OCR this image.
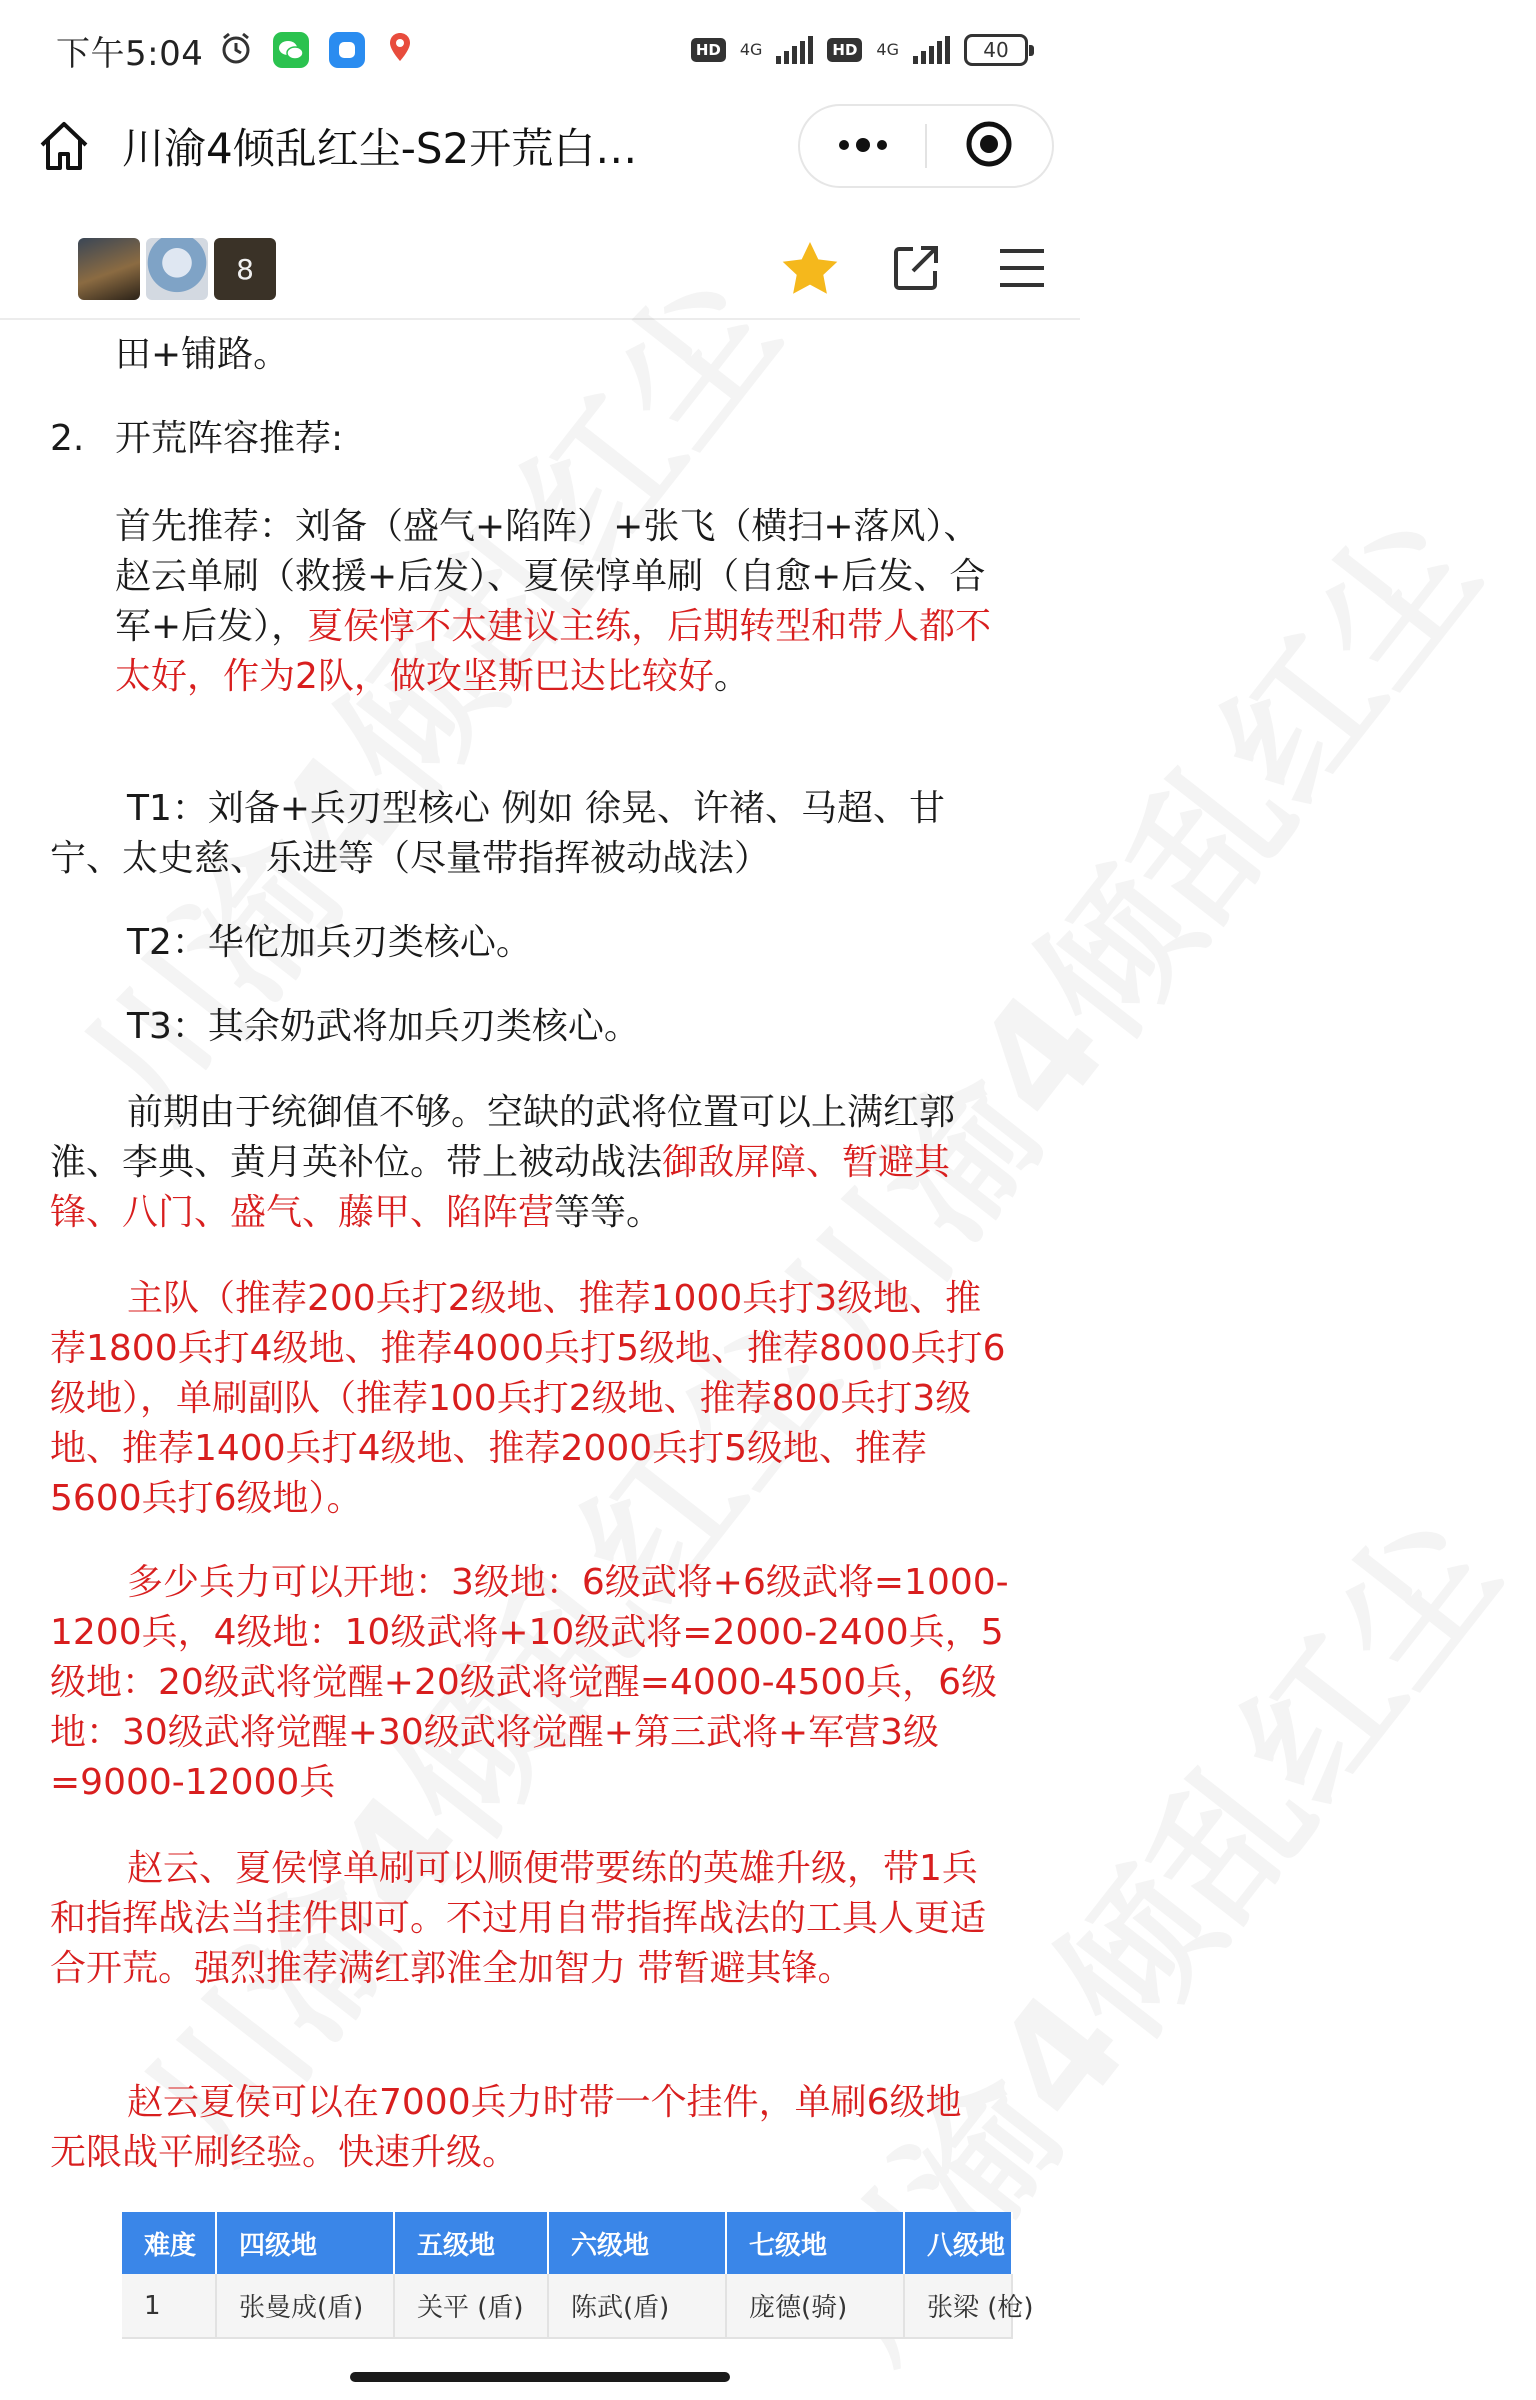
下午5:04	HD	4G	HD	4G	40
川渝4倾乱红尘-S2开荒白…
8
田+铺路。
2. 开荒阵容推荐:
首先推荐：刘备（盛气+陷阵）+张飞（横扫+落风）、赵云单刷（救援+后发）、夏侯惇单刷（自愈+后发、合军+后发），夏侯惇不太建议主练，后期转型和带人都不太好，作为2队，做攻坚斯巴达比较好。
T1：刘备+兵刃型核心 例如 徐晃、许褚、马超、甘宁、太史慈、乐进等（尽量带指挥被动战法）
T2：华佗加兵刃类核心。
T3：其余奶武将加兵刃类核心。
前期由于统御值不够。空缺的武将位置可以上满红郭淮、李典、黄月英补位。带上被动战法御敌屏障、暂避其锋、八门、盛气、藤甲、陷阵营等等。
主队（推荐200兵打2级地、推荐1000兵打3级地、推荐1800兵打4级地、推荐4000兵打5级地、推荐8000兵打6级地），单刷副队（推荐100兵打2级地、推荐800兵打3级地、推荐1400兵打4级地、推荐2000兵打5级地、推荐5600兵打6级地）。
多少兵力可以开地：3级地：6级武将+6级武将=1000-1200兵，4级地：10级武将+10级武将=2000-2400兵，5级地：20级武将觉醒+20级武将觉醒=4000-4500兵，6级地：30级武将觉醒+30级武将觉醒+第三武将+军营3级=9000-12000兵
赵云、夏侯惇单刷可以顺便带要练的英雄升级，带1兵和指挥战法当挂件即可。不过用自带指挥战法的工具人更适合开荒。强烈推荐满红郭淮全加智力 带暂避其锋。
赵云夏侯可以在7000兵力时带一个挂件，单刷6级地 无限战平刷经验。快速升级。
难度	四级地	五级地	六级地	七级地	八级地
1	张曼成(盾)	关平 (盾)	陈武(盾)	庞德(骑)	张梁 (枪)
